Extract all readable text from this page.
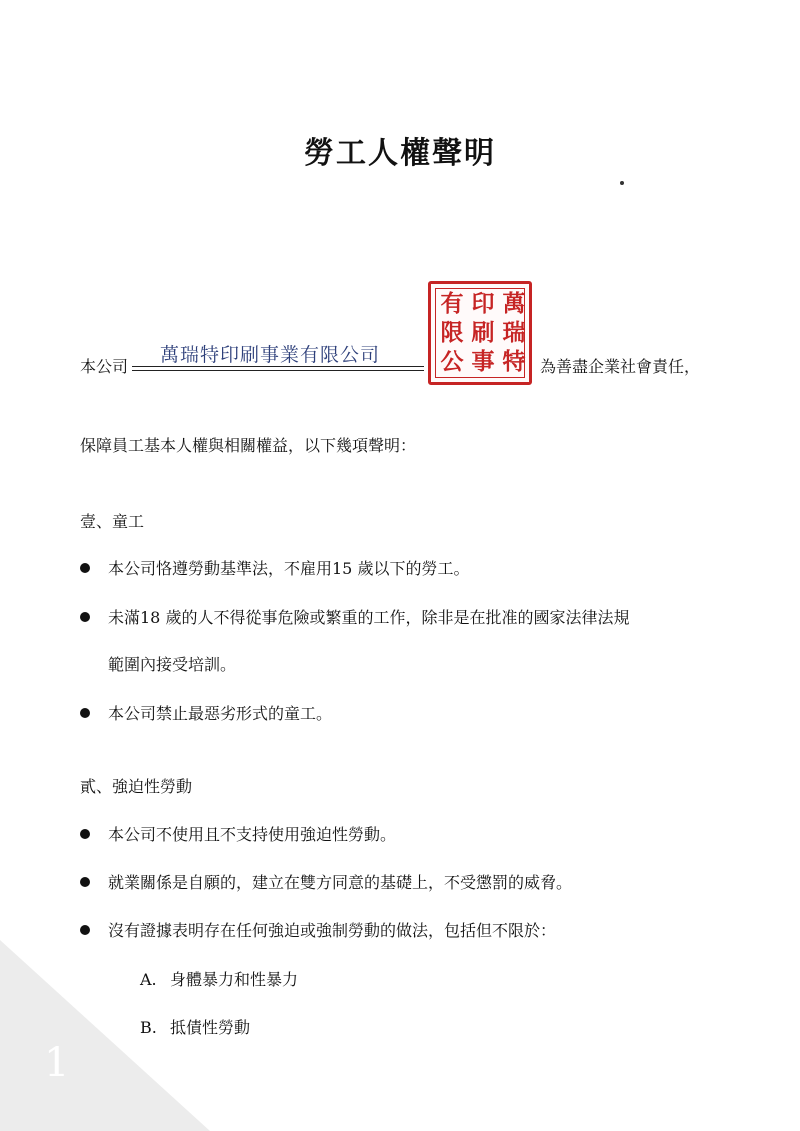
勞工人權聲明
本公司
萬瑞特印刷事業有限公司
為善盡企業社會責任，
萬
瑞
特
印
刷
事
有
限
公
保障員工基本人權與相關權益，以下幾項聲明：
壹、童工
本公司恪遵勞動基準法，不雇用15 歲以下的勞工。
未滿18 歲的人不得從事危險或繁重的工作，除非是在批准的國家法律法規
範圍內接受培訓。
本公司禁止最惡劣形式的童工。
貳、強迫性勞動
本公司不使用且不支持使用強迫性勞動。
就業關係是自願的，建立在雙方同意的基礎上，不受懲罰的威脅。
沒有證據表明存在任何強迫或強制勞動的做法，包括但不限於：
A. 身體暴力和性暴力
B. 抵債性勞動
1
